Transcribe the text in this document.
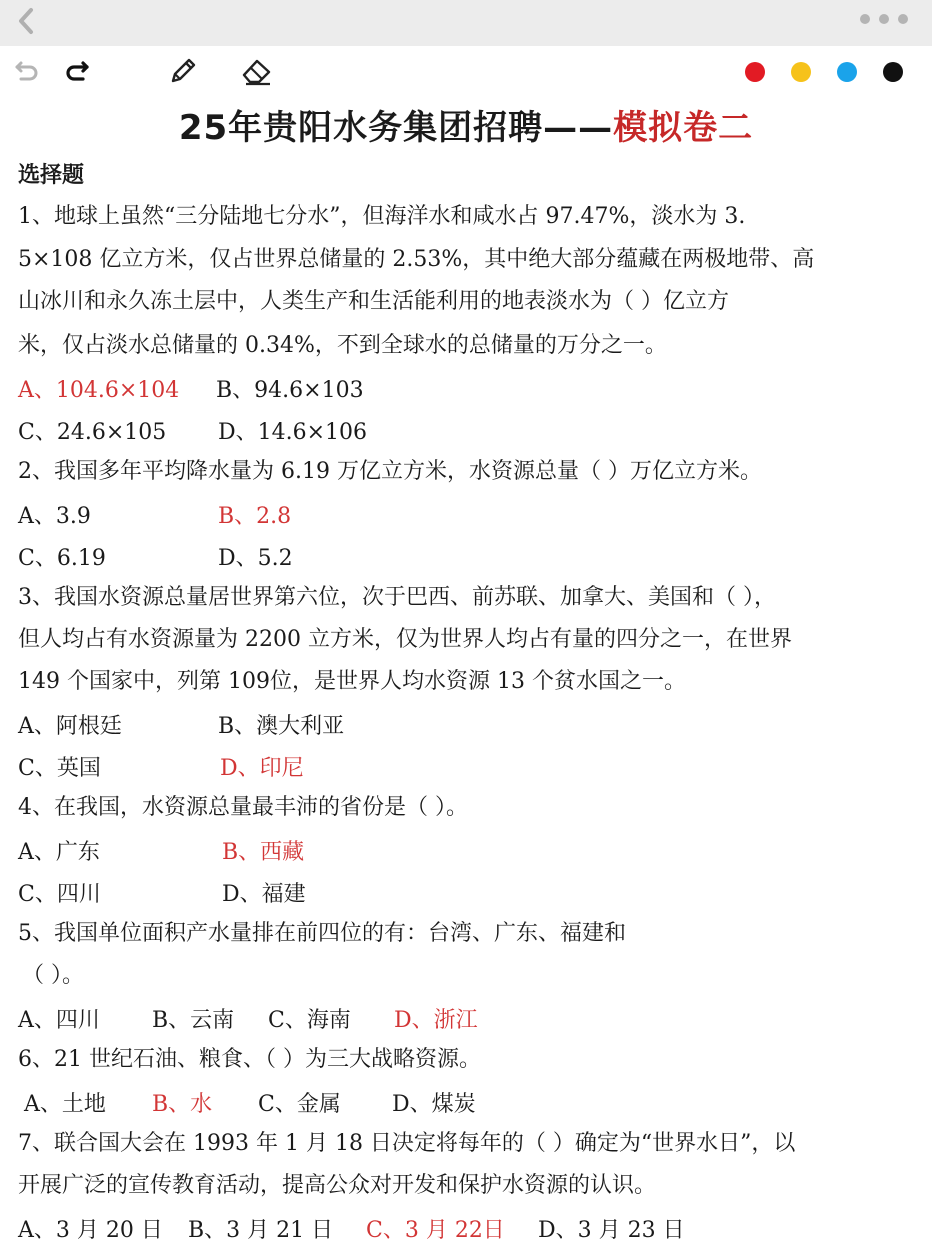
25年贵阳水务集团招聘——模拟卷二
选择题
1、地球上虽然“三分陆地七分水”，但海洋水和咸水占 97.47%，淡水为 3.
5×108 亿立方米，仅占世界总储量的 2.53%，其中绝大部分蕴藏在两极地带、高
山冰川和永久冻土层中，人类生产和生活能利用的地表淡水为（ ）亿立方
米，仅占淡水总储量的 0.34%，不到全球水的总储量的万分之一。
A、104.6×104 B、94.6×103
C、24.6×105 D、14.6×106
2、我国多年平均降水量为 6.19 万亿立方米，水资源总量（ ）万亿立方米。
A、3.9	B、2.8
C、6.19	D、5.2
3、我国水资源总量居世界第六位，次于巴西、前苏联、加拿大、美国和（ ），
但人均占有水资源量为 2200 立方米，仅为世界人均占有量的四分之一，在世界
149 个国家中，列第 109位，是世界人均水资源 13 个贫水国之一。
A、阿根廷	B、澳大利亚
C、英国	D、印尼
4、在我国，水资源总量最丰沛的省份是（ ）。
A、广东	B、西藏
C、四川	D、福建
5、我国单位面积产水量排在前四位的有：台湾、广东、福建和
（ ）。
A、四川 B、云南 C、海南 D、浙江
6、21 世纪石油、粮食、（ ）为三大战略资源。
A、土地 B、水 C、金属 D、煤炭
7、联合国大会在 1993 年 1 月 18 日决定将每年的（ ）确定为“世界水日”，以
开展广泛的宣传教育活动，提高公众对开发和保护水资源的认识。
A、3 月 20 日 B、3 月 21 日 C、3 月 22日 D、3 月 23 日
